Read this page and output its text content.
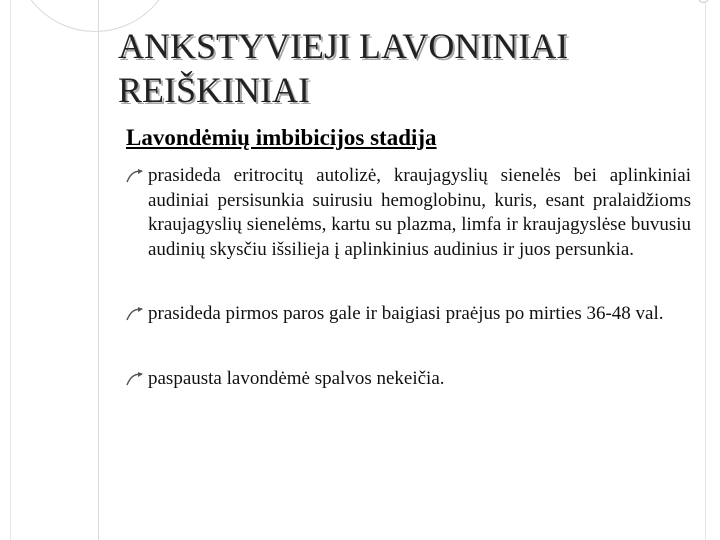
ANKSTYVIEJI LAVONINIAI REIŠKINIAI
Lavondėmių imbibicijos stadija
prasideda eritrocitų autolizė, kraujagyslių sienelės bei aplinkiniai audiniai persisunkia suirusiu hemoglobinu, kuris, esant pralaidžioms kraujagyslių sienelėms, kartu su plazma, limfa ir kraujagyslėse buvusiu audinių skysčiu išsilieja į aplinkinius audinius ir juos persunkia.
prasideda pirmos paros gale ir baigiasi praėjus po mirties 36-48 val.
paspausta lavondėmė spalvos nekeičia.
